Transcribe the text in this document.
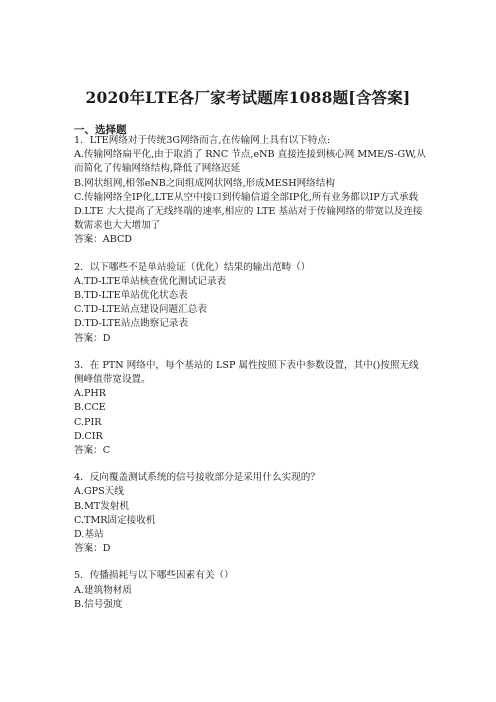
2020年LTE各厂家考试题库1088题[含答案]
一、选择题
1．LTE网络对于传统3G网络而言,在传输网上具有以下特点:
A.传输网络扁平化,由于取消了 RNC 节点,eNB 直接连接到核心网 MME/S-GW,从而简化了传输网络结构,降低了网络迟延
B.网状组网,相邻eNB之间组成网状网络,形成MESH网络结构
C.传输网络全IP化,LTE从空中接口到传输信道全部IP化,所有业务都以IP方式承载
D.LTE 大大提高了无线终端的速率,相应的 LTE 基站对于传输网络的带宽以及连接数需求也大大增加了
答案：ABCD
2．以下哪些不是单站验证（优化）结果的输出范畴（）
A.TD-LTE单站核查优化测试记录表
B.TD-LTE单站优化状态表
C.TD-LTE站点建设问题汇总表
D.TD-LTE站点勘察记录表
答案：D
3．在 PTN 网络中，每个基站的 LSP 属性按照下表中参数设置，其中()按照无线侧峰值带宽设置。
A.PHR
B.CCE
C.PIR
D.CIR
答案：C
4．反向覆盖测试系统的信号接收部分是采用什么实现的？
A.GPS天线
B.MT发射机
C.TMR固定接收机
D.基站
答案：D
5．传播损耗与以下哪些因素有关（）
A.建筑物材质
B.信号强度
